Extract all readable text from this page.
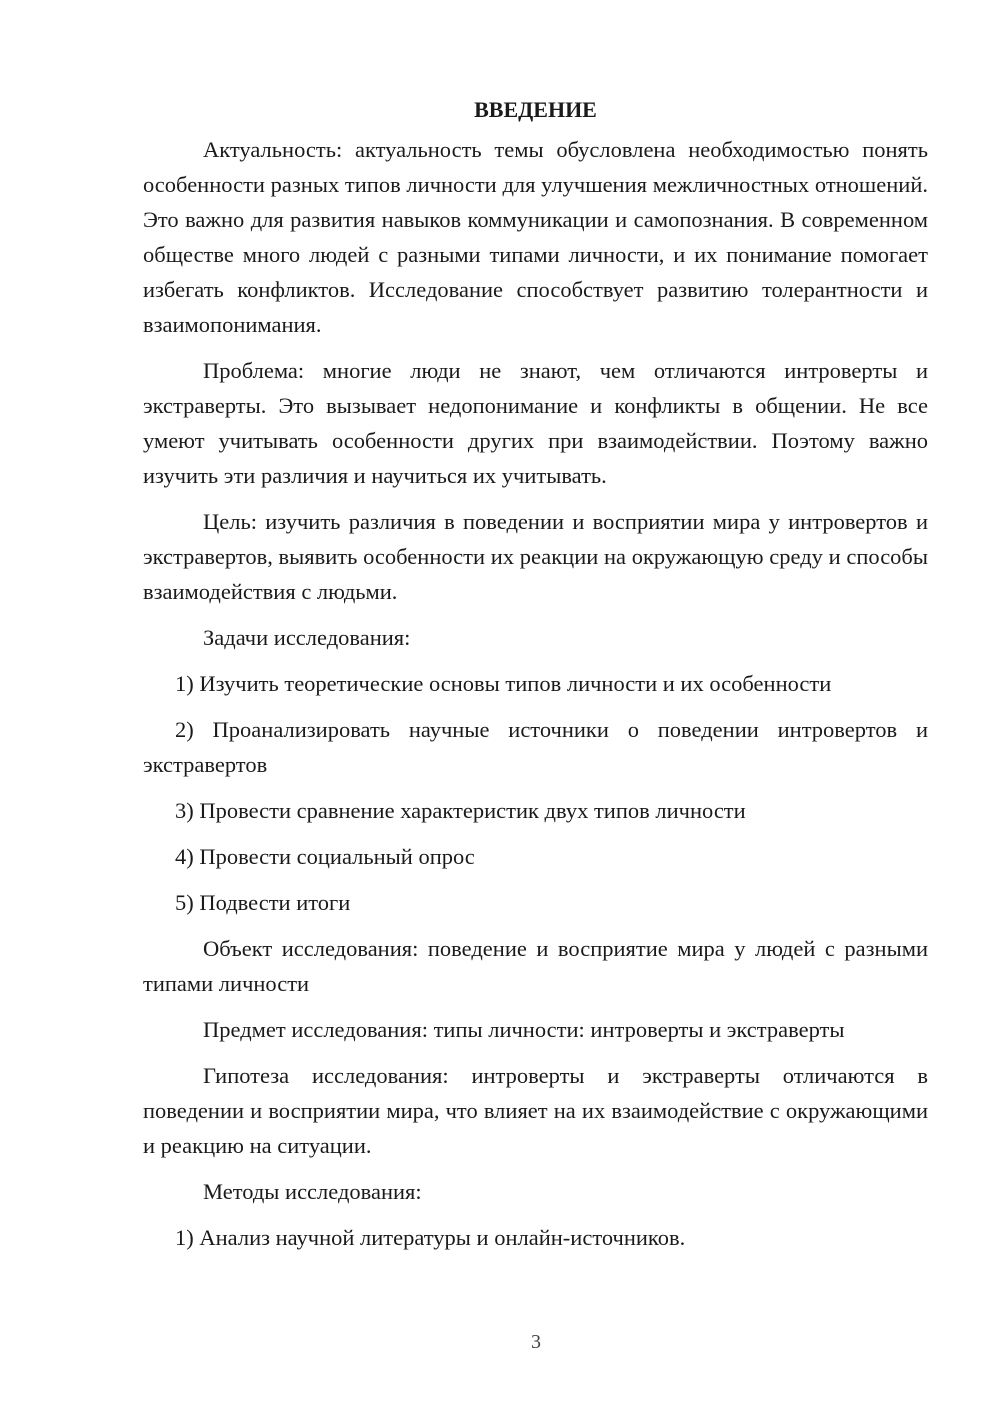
ВВЕДЕНИЕ

Актуальность: актуальность темы обусловлена необходимостью понять особенности разных типов личности для улучшения межличностных отношений. Это важно для развития навыков коммуникации и самопознания. В современном обществе много людей с разными типами личности, и их понимание помогает избегать конфликтов. Исследование способствует развитию толерантности и взаимопонимания.

Проблема: многие люди не знают, чем отличаются интроверты и экстраверты. Это вызывает недопонимание и конфликты в общении. Не все умеют учитывать особенности других при взаимодействии. Поэтому важно изучить эти различия и научиться их учитывать.

Цель: изучить различия в поведении и восприятии мира у интровертов и экстравертов, выявить особенности их реакции на окружающую среду и способы взаимодействия с людьми.

Задачи исследования:

1) Изучить теоретические основы типов личности и их особенности

2) Проанализировать научные источники о поведении интровертов и экстравертов

3) Провести сравнение характеристик двух типов личности

4) Провести социальный опрос

5) Подвести итоги

Объект исследования: поведение и восприятие мира у людей с разными типами личности

Предмет исследования: типы личности: интроверты и экстраверты

Гипотеза исследования: интроверты и экстраверты отличаются в поведении и восприятии мира, что влияет на их взаимодействие с окружающими и реакцию на ситуации.

Методы исследования:

1) Анализ научной литературы и онлайн-источников.

3
